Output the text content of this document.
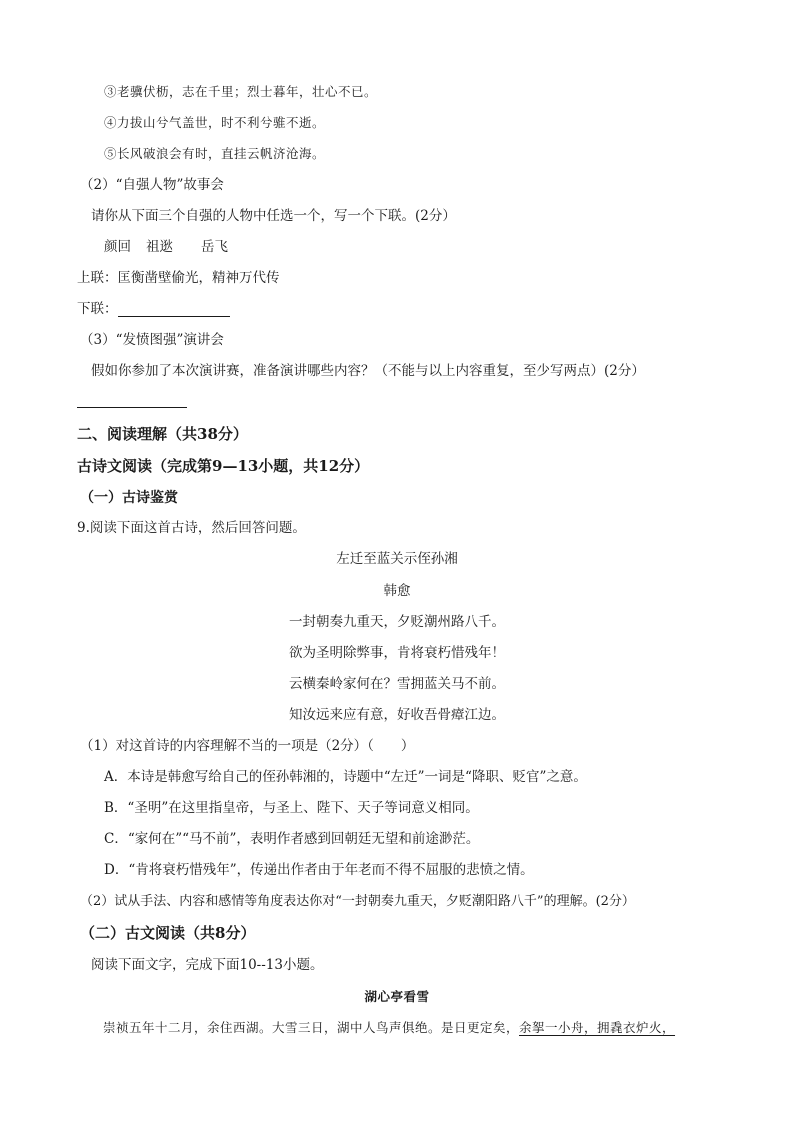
③老骥伏枥，志在千里；烈士暮年，壮心不已。
④力拔山兮气盖世，时不利兮骓不逝。
⑤长风破浪会有时，直挂云帆济沧海。
（2）“自强人物”故事会
请你从下面三个自强的人物中任选一个，写一个下联。(2分）
颜回 祖逖 岳飞
上联：匡衡凿壁偷光，精神万代传
下联：
（3）“发愤图强”演讲会
假如你参加了本次演讲赛，准备演讲哪些内容？（不能与以上内容重复，至少写两点）(2分）
二、阅读理解（共38分）
古诗文阅读（完成第9—13小题，共12分）
（一）古诗鉴赏
9.阅读下面这首古诗，然后回答问题。
左迁至蓝关示侄孙湘
韩愈
一封朝奏九重天，夕贬潮州路八千。
欲为圣明除弊事，肯将衰朽惜残年！
云横秦岭家何在？雪拥蓝关马不前。
知汝远来应有意，好收吾骨瘴江边。
（1）对这首诗的内容理解不当的一项是（2分）（　　）
A．本诗是韩愈写给自己的侄孙韩湘的，诗题中“左迁”一词是“降职、贬官”之意。
B．“圣明”在这里指皇帝，与圣上、陛下、天子等词意义相同。
C．“家何在”“马不前”，表明作者感到回朝廷无望和前途渺茫。
D．“肯将衰朽惜残年”，传递出作者由于年老而不得不屈服的悲愤之情。
（2）试从手法、内容和感情等角度表达你对“一封朝奏九重天，夕贬潮阳路八千”的理解。(2分）
（二）古文阅读（共8分）
阅读下面文字，完成下面10--13小题。
湖心亭看雪
崇祯五年十二月，余住西湖。大雪三日，湖中人鸟声俱绝。是日更定矣，余挐一小舟，拥毳衣炉火，
